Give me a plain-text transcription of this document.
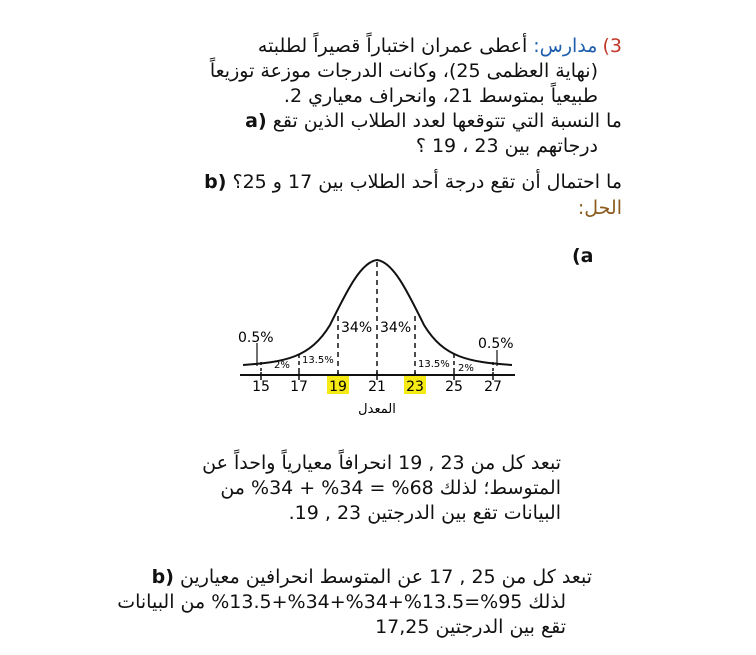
3)
مدارس: أعطى عمران اختباراً قصيراً لطلبته
(نهاية العظمى 25)، وكانت الدرجات موزعة توزيعاً
طبيعياً بمتوسط 21، وانحراف معياري 2.
a) ما النسبة التي تتوقعها لعدد الطلاب الذين تقع
درجاتهم بين 23 ، 19 ؟
b) ما احتمال أن تقع درجة أحد الطلاب بين 17 و 25؟
الحل:
(a
0.5%
2% 13.5%
34% 34%
13.5% 2%
0.5%
15 17 19 21 23 25 27
المعدل
تبعد كل من 23 , 19 انحرافاً معيارياً واحداً عن
المتوسط؛ لذلك 68% = 34% + 34% من
البيانات تقع بين الدرجتين 23 , 19.
b) تبعد كل من 25 , 17 عن المتوسط انحرافين معيارين
لذلك 95%=13.5%+34%+34%+13.5% من البيانات
تقع بين الدرجتين 17,25
